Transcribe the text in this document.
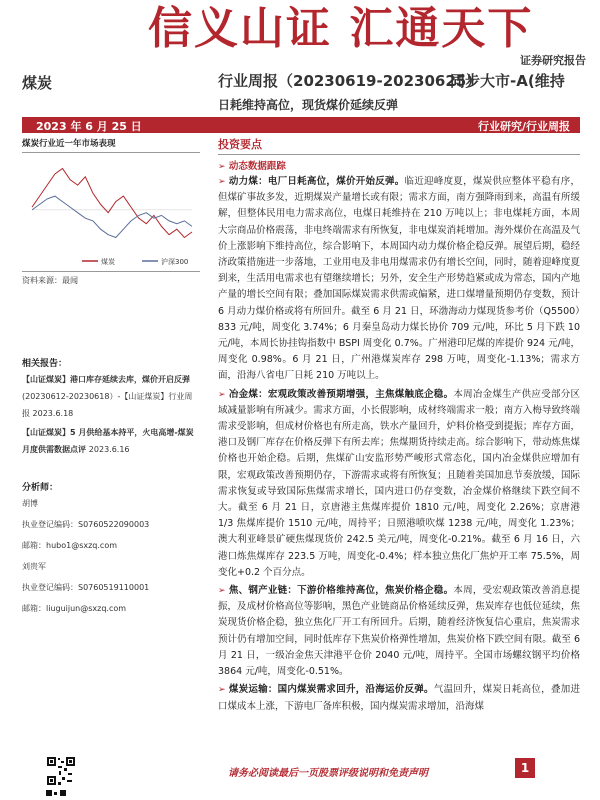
信义山证 汇通天下
证券研究报告
煤炭	行业周报（20230619-20230625）
同步大市-A(维持
日耗维持高位，现货煤价延续反弹
2023 年 6 月 25 日	行业研究/行业周报
煤炭行业近一年市场表现
煤炭	沪深300
资料来源：最闻
相关报告：
【山证煤炭】港口库存延续去库，煤价开启反弹 (20230612-20230618）-【山证煤炭】行业周报 2023.6.18
【山证煤炭】5 月供给基本持平，火电高增-煤炭月度供需数据点评 2023.6.16
分析师：
胡博
执业登记编码：S0760522090003
邮箱：hubo1@sxzq.com
刘贵军
执业登记编码：S0760519110001
邮箱：liuguijun@sxzq.com
投资要点
➢ 动态数据跟踪
➢ 动力煤：电厂日耗高位，煤价开始反弹。临近迎峰度夏，煤炭供应整体平稳有序，但煤矿事故多发，近期煤炭产量增长或有限；需求方面，南方强降雨到来，高温有所缓解，但整体民用电力需求高位，电煤日耗维持在 210 万吨以上；非电煤耗方面，本周大宗商品价格震荡，非电终端需求有所恢复，非电煤炭消耗增加。海外煤价在高温及气价上涨影响下维持高位，综合影响下，本周国内动力煤价格企稳反弹。展望后期，稳经济政策措施进一步落地，工业用电及非电用煤需求仍有增长空间，同时，随着迎峰度夏到来，生活用电需求也有望继续增长；另外，安全生产形势趋紧或成为常态，国内产地产量的增长空间有限；叠加国际煤炭需求供需或偏紧，进口煤增量预期仍存变数，预计 6 月动力煤价格或将有所回升。截至 6 月 21 日，环渤海动力煤现货参考价（Q5500）833 元/吨，周变化 3.74%；6 月秦皇岛动力煤长协价 709 元/吨，环比 5 月下跌 10 元/吨，本周长协挂钩指数中 BSPI 周变化 0.7%。广州港印尼煤的库提价 924 元/吨，周变化 0.98%。6 月 21 日，广州港煤炭库存 298 万吨，周变化-1.13%；需求方面，沿海八省电厂日耗 210 万吨以上。
➢ 冶金煤：宏观政策改善预期增强，主焦煤触底企稳。本周冶金煤生产供应受部分区域减量影响有所减少。需求方面，小长假影响，成材终端需求一般；南方入梅导致终端需求受影响，但成材价格也有所走高，铁水产量回升，炉料价格受到提振；库存方面，港口及钢厂库存在价格反弹下有所去库；焦煤期货持续走高。综合影响下，带动炼焦煤价格也开始企稳。后期，焦煤矿山安监形势严峻形式常态化，国内冶金煤供应增加有限，宏观政策改善预期仍存，下游需求或将有所恢复；且随着美国加息节奏放缓，国际需求恢复或导致国际焦煤需求增长，国内进口仍存变数，冶金煤价格继续下跌空间不大。截至 6 月 21 日，京唐港主焦煤库提价 1810 元/吨，周变化 2.26%；京唐港 1/3 焦煤库提价 1510 元/吨，周持平；日照港喷吹煤 1238 元/吨，周变化 1.23%；澳大利亚峰景矿硬焦煤现货价 242.5 美元/吨，周变化-0.21%。截至 6 月 16 日，六港口炼焦煤库存 223.5 万吨，周变化-0.4%；样本独立焦化厂焦炉开工率 75.5%，周变化+0.2 个百分点。
➢ 焦、钢产业链：下游价格维持高位，焦炭价格企稳。本周，受宏观政策改善消息提振，及成材价格高位等影响，黑色产业链商品价格延续反弹，焦炭库存也低位延续，焦炭现货价格企稳，独立焦化厂开工有所回升。后期，随着经济恢复信心重启，焦炭需求预计仍有增加空间，同时低库存下焦炭价格弹性增加，焦炭价格下跌空间有限。截至 6 月 21 日，一级冶金焦天津港平仓价 2040 元/吨，周持平。全国市场螺纹钢平均价格 3864 元/吨，周变化-0.51%。
➢ 煤炭运输：国内煤炭需求回升，沿海运价反弹。气温回升，煤炭日耗高位，叠加进口煤成本上涨，下游电厂备库积极，国内煤炭需求增加，沿海煤
请务必阅读最后一页股票评级说明和免责声明	1
